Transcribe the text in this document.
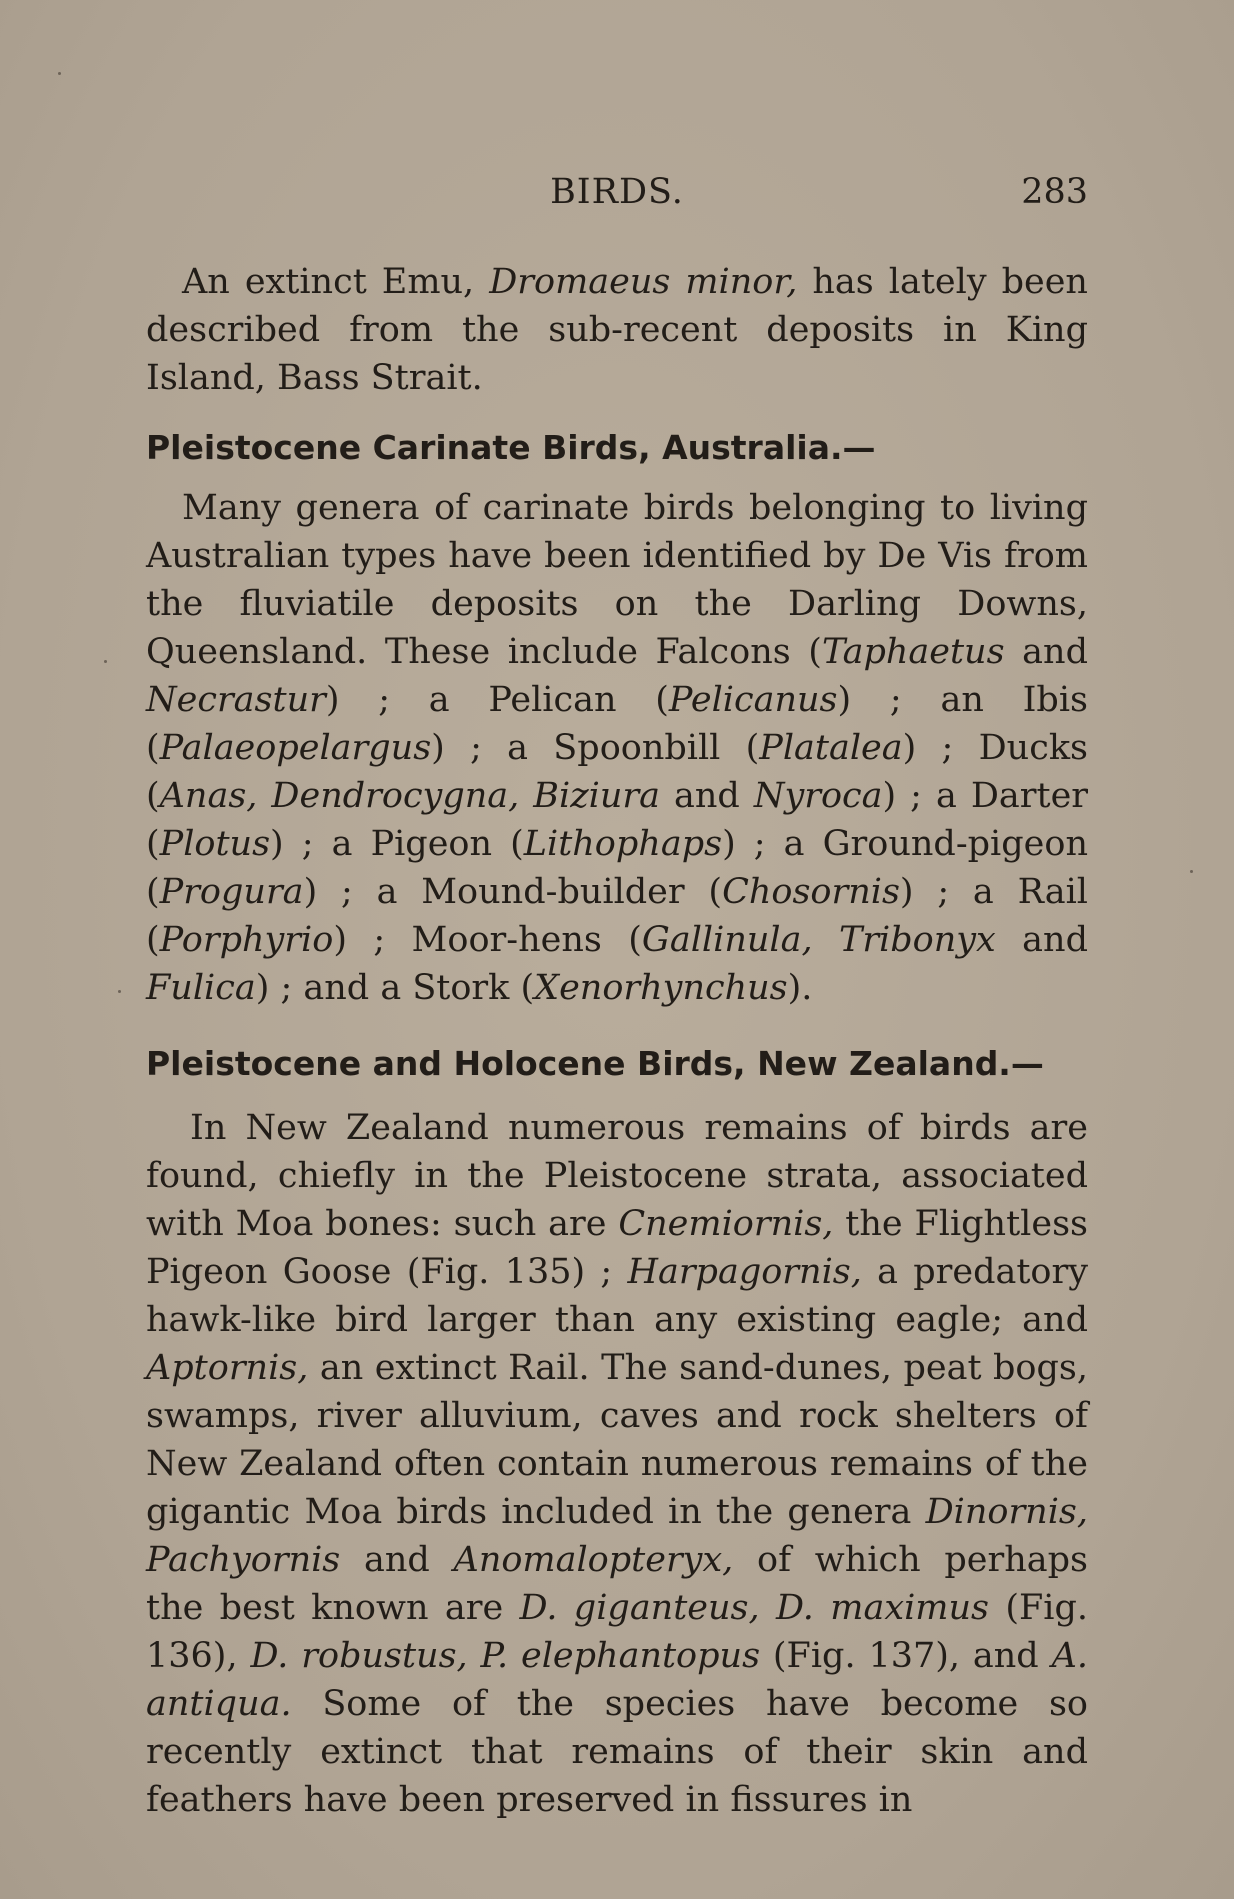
BIRDS.	283
An extinct Emu, Dromaeus minor, has lately been described from the sub-recent deposits in King Island, Bass Strait.
Pleistocene Carinate Birds, Australia.—
Many genera of carinate birds belonging to living Australian types have been identified by De Vis from the fluviatile deposits on the Darling Downs, Queensland. These include Falcons (Taphaetus and Necrastur) ; a Pelican (Pelicanus) ; an Ibis (Palaeopelargus) ; a Spoonbill (Platalea) ; Ducks (Anas, Dendrocygna, Biziura and Nyroca) ; a Darter (Plotus) ; a Pigeon (Lithophaps) ; a Ground-pigeon (Progura) ; a Mound-builder (Chosornis) ; a Rail (Porphyrio) ; Moor-hens (Gallinula, Tribonyx and Fulica) ; and a Stork (Xenorhynchus).
Pleistocene and Holocene Birds, New Zealand.—
In New Zealand numerous remains of birds are found, chiefly in the Pleistocene strata, associated with Moa bones: such are Cnemiornis, the Flightless Pigeon Goose (Fig. 135) ; Harpagornis, a predatory hawk-like bird larger than any existing eagle; and Aptornis, an extinct Rail. The sand-dunes, peat bogs, swamps, river alluvium, caves and rock shelters of New Zealand often contain numerous remains of the gigantic Moa birds included in the genera Dinornis, Pachyornis and Anomalopteryx, of which perhaps the best known are D. giganteus, D. maximus (Fig. 136), D. robustus, P. elephantopus (Fig. 137), and A. antiqua. Some of the species have become so recently extinct that remains of their skin and feathers have been preserved in fissures in
